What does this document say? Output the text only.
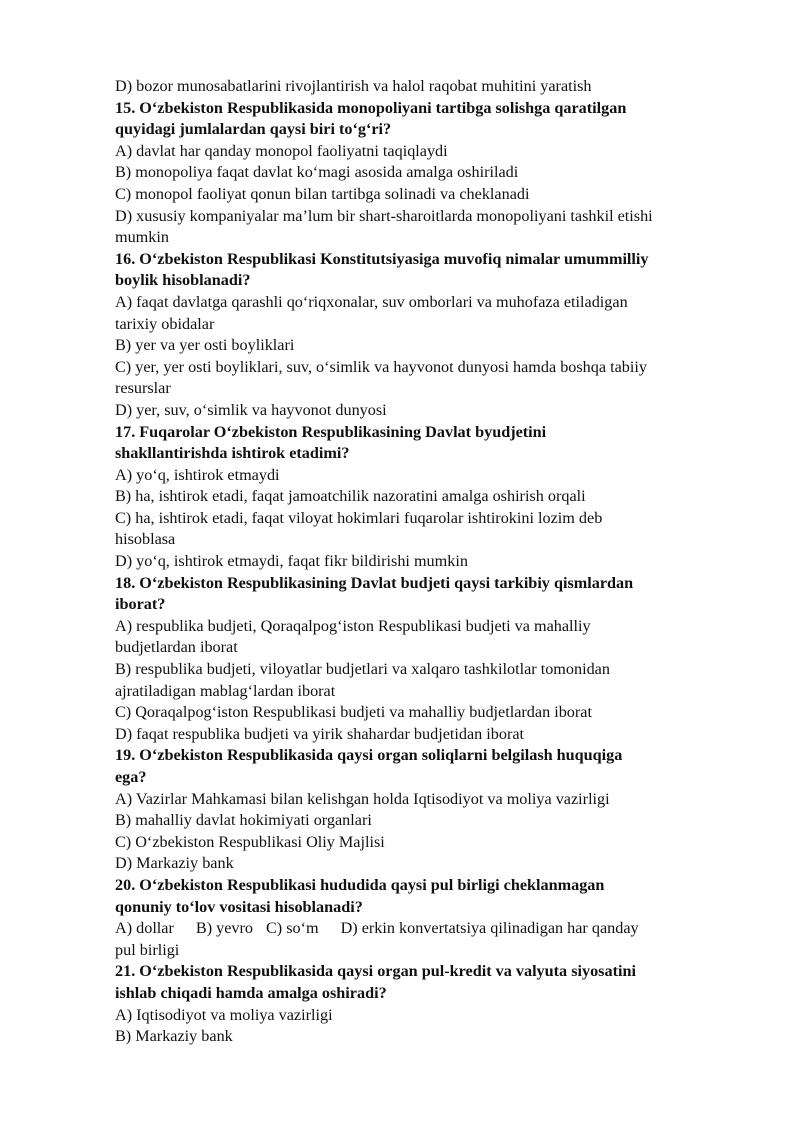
D) bozor munosabatlarini rivojlantirish va halol raqobat muhitini yaratish
15. O‘zbekiston Respublikasida monopoliyani tartibga solishga qaratilgan
quyidagi jumlalardan qaysi biri to‘g‘ri?
A) davlat har qanday monopol faoliyatni taqiqlaydi
B) monopoliya faqat davlat ko‘magi asosida amalga oshiriladi
C) monopol faoliyat qonun bilan tartibga solinadi va cheklanadi
D) xususiy kompaniyalar ma’lum bir shart-sharoitlarda monopoliyani tashkil etishi
mumkin
16. O‘zbekiston Respublikasi Konstitutsiyasiga muvofiq nimalar umummilliy
boylik hisoblanadi?
A) faqat davlatga qarashli qo‘riqxonalar, suv omborlari va muhofaza etiladigan
tarixiy obidalar
B) yer va yer osti boyliklari
C) yer, yer osti boyliklari, suv, o‘simlik va hayvonot dunyosi hamda boshqa tabiiy
resurslar
D) yer, suv, o‘simlik va hayvonot dunyosi
17. Fuqarolar O‘zbekiston Respublikasining Davlat byudjetini
shakllantirishda ishtirok etadimi?
A) yo‘q, ishtirok etmaydi
B) ha, ishtirok etadi, faqat jamoatchilik nazoratini amalga oshirish orqali
C) ha, ishtirok etadi, faqat viloyat hokimlari fuqarolar ishtirokini lozim deb
hisoblasa
D) yo‘q, ishtirok etmaydi, faqat fikr bildirishi mumkin
18. O‘zbekiston Respublikasining Davlat budjeti qaysi tarkibiy qismlardan
iborat?
A) respublika budjeti, Qoraqalpog‘iston Respublikasi budjeti va mahalliy
budjetlardan iborat
B) respublika budjeti, viloyatlar budjetlari va xalqaro tashkilotlar tomonidan
ajratiladigan mablag‘lardan iborat
C) Qoraqalpog‘iston Respublikasi budjeti va mahalliy budjetlardan iborat
D) faqat respublika budjeti va yirik shahardar budjetidan iborat
19. O‘zbekiston Respublikasida qaysi organ soliqlarni belgilash huquqiga
ega?
A) Vazirlar Mahkamasi bilan kelishgan holda Iqtisodiyot va moliya vazirligi
B) mahalliy davlat hokimiyati organlari
C) O‘zbekiston Respublikasi Oliy Majlisi
D) Markaziy bank
20. O‘zbekiston Respublikasi hududida qaysi pul birligi cheklanmagan
qonuniy to‘lov vositasi hisoblanadi?
A) dollar B) yevro C) so‘m D) erkin konvertatsiya qilinadigan har qanday
pul birligi
21. O‘zbekiston Respublikasida qaysi organ pul-kredit va valyuta siyosatini
ishlab chiqadi hamda amalga oshiradi?
A) Iqtisodiyot va moliya vazirligi
B) Markaziy bank
